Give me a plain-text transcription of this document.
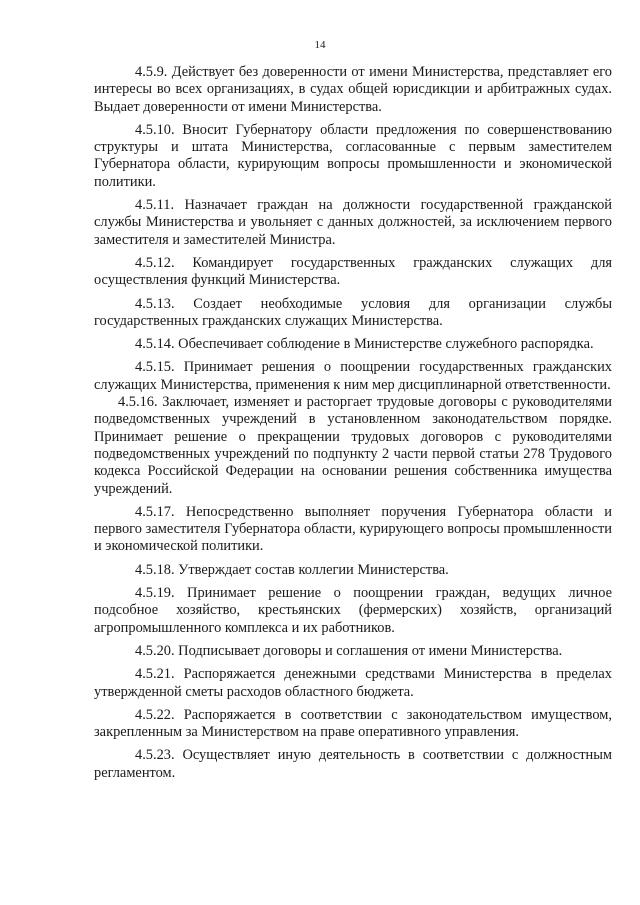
14

4.5.9. Действует без доверенности от имени Министерства, представляет его интересы во всех организациях, в судах общей юрисдикции и арбитражных судах. Выдает доверенности от имени Министерства.

4.5.10. Вносит Губернатору области предложения по совершенствованию структуры и штата Министерства, согласованные с первым заместителем Губернатора области, курирующим вопросы промышленности и экономической политики.

4.5.11. Назначает граждан на должности государственной гражданской службы Министерства и увольняет с данных должностей, за исключением первого заместителя и заместителей Министра.

4.5.12. Командирует государственных гражданских служащих для осуществления функций Министерства.

4.5.13. Создает необходимые условия для организации службы государственных гражданских служащих Министерства.

4.5.14. Обеспечивает соблюдение в Министерстве служебного распорядка.

4.5.15. Принимает решения о поощрении государственных гражданских служащих Министерства, применения к ним мер дисциплинарной ответственности.

4.5.16. Заключает, изменяет и расторгает трудовые договоры с руководителями подведомственных учреждений в установленном законодательством порядке. Принимает решение о прекращении трудовых договоров с руководителями подведомственных учреждений по подпункту 2 части первой статьи 278 Трудового кодекса Российской Федерации на основании решения собственника имущества учреждений.

4.5.17. Непосредственно выполняет поручения Губернатора области и первого заместителя Губернатора области, курирующего вопросы промышленности и экономической политики.

4.5.18. Утверждает состав коллегии Министерства.

4.5.19. Принимает решение о поощрении граждан, ведущих личное подсобное хозяйство, крестьянских (фермерских) хозяйств, организаций агропромышленного комплекса и их работников.

4.5.20. Подписывает договоры и соглашения от имени Министерства.

4.5.21. Распоряжается денежными средствами Министерства в пределах утвержденной сметы расходов областного бюджета.

4.5.22. Распоряжается в соответствии с законодательством имуществом, закрепленным за Министерством на праве оперативного управления.

4.5.23. Осуществляет иную деятельность в соответствии с должностным регламентом.
